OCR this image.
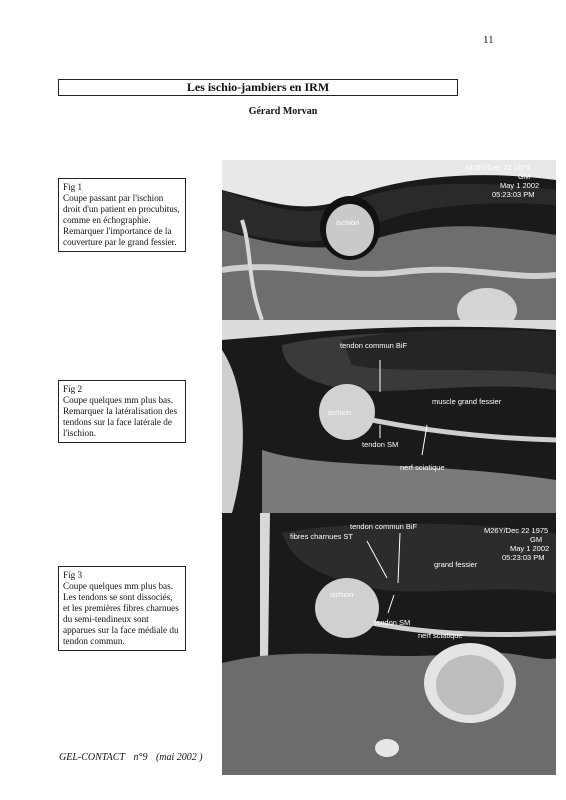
11
Les ischio-jambiers en IRM
Gérard Morvan
Fig 1
Coupe passant par l'ischion droit d'un patient en procubitus, comme en échographie. Remarquer l'importance de la couverture par le grand fessier.
Fig 2
Coupe quelques mm plus bas. Remarquer la latéralisation des tendons sur la face latérale de l'ischion.
Fig 3
Coupe quelques mm plus bas. Les tendons se sont dissociés, et les premières fibres charnues du semi-tendineux sont apparues sur la face médiale du tendon commun.
ischion
M26Y/Dec 22 1975
GM
May 1 2002
05:23:03 PM
tendon commun BiF
ischion
muscle grand fessier
tendon SM
nerf sciatique
tendon commun BiF
fibres charnues ST
grand fessier
ischion
tendon SM
nerf sciatique
M26Y/Dec 22 1975
GM
May 1 2002
05:23:03 PM
GEL-CONTACT n°9 (mai 2002 )
